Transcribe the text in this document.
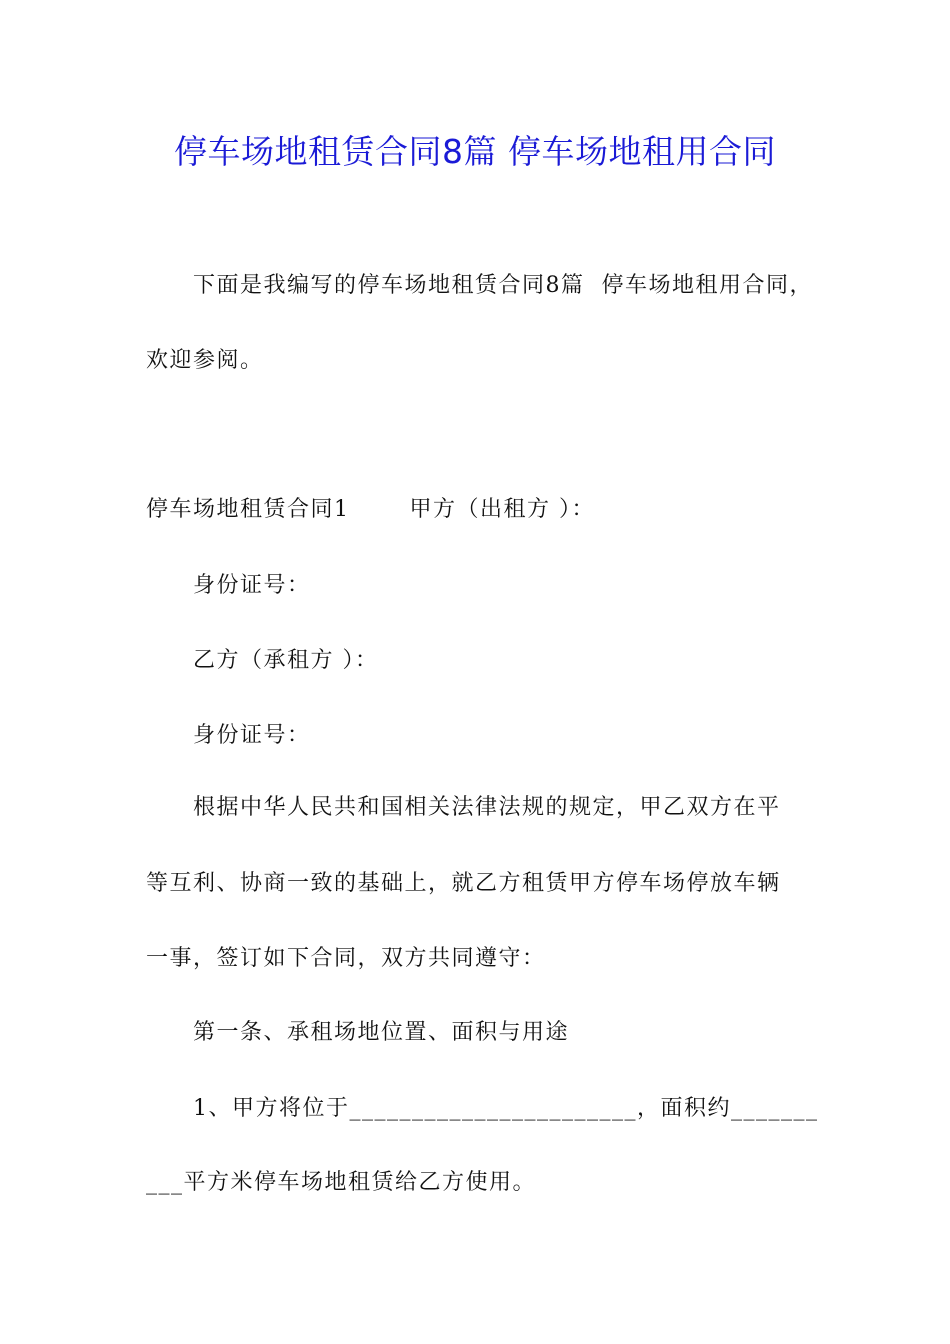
停车场地租赁合同8篇 停车场地租用合同
下面是我编写的停车场地租赁合同8篇  停车场地租用合同，
欢迎参阅。
停车场地租赁合同1	甲方（出租方 ）：
身份证号：
乙方（承租方 ）：
身份证号：
根据中华人民共和国相关法律法规的规定，甲乙双方在平
等互利、协商一致的基础上，就乙方租赁甲方停车场停放车辆
一事，签订如下合同，双方共同遵守：
第一条、承租场地位置、面积与用途
1、甲方将位于_______________________，面积约_______
___平方米停车场地租赁给乙方使用。
